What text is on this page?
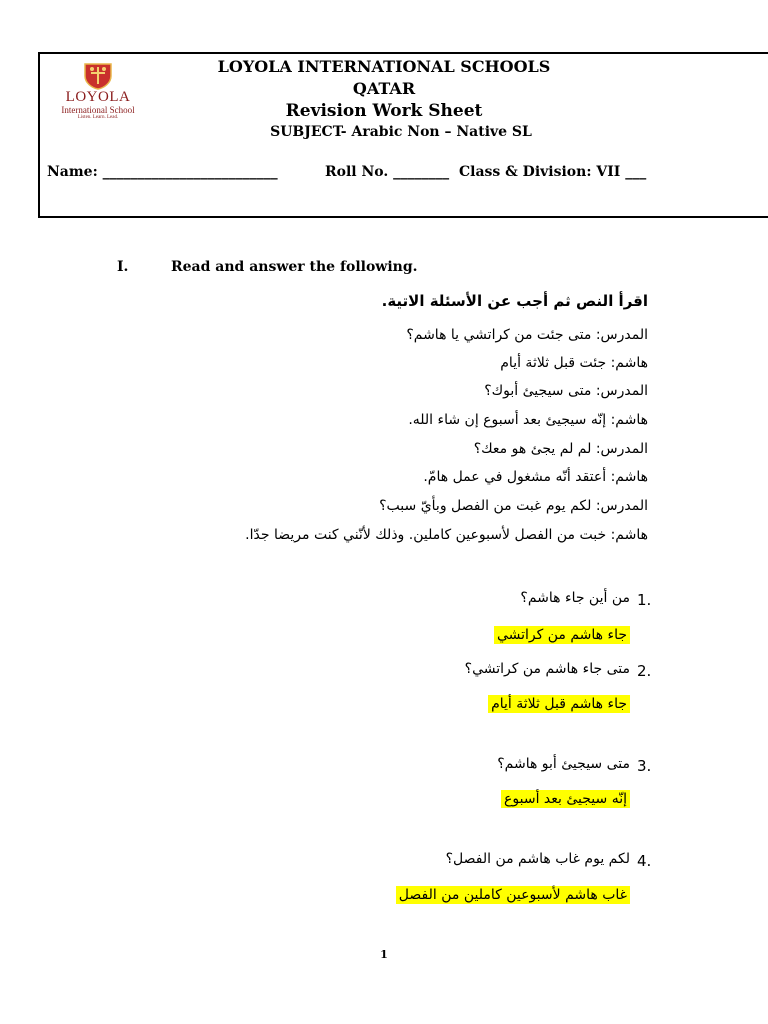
LOYOLA
International School
Listen. Learn. Lead.
LOYOLA INTERNATIONAL SCHOOLS
QATAR
Revision Work Sheet
SUBJECT- Arabic Non – Native SL
Name: _________________________	Roll No. ________ Class & Division: VII ___
I.	Read and answer the following.
اقرأ النص ثم أجب عن الأسئلة الاتية.
المدرس: متى جئت من كراتشي يا هاشم؟
هاشم: جئت قبل ثلاثة أيام
المدرس: متى سيجيئ أبوك؟
هاشم: إنّه سيجيئ بعد أسبوع إن شاء الله.
المدرس: لم لم يجئ هو معك؟
هاشم: أعتقد أنّه مشغول في عمل هامّ.
المدرس: لكم يوم غبت من الفصل وبأيّ سبب؟
هاشم: خبت من الفصل لأسبوعين كاملين. وذلك لأنّني كنت مريضا جدّا.
1.
من أين جاء هاشم؟
جاء هاشم من كراتشي
2.
متى جاء هاشم من كراتشي؟
جاء هاشم قبل ثلاثة أيام
3.
متى سيجيئ أبو هاشم؟
إنّه سيجيئ بعد أسبوع
4.
لكم يوم غاب هاشم من الفصل؟
غاب هاشم لأسبوعين كاملين من الفصل
1
